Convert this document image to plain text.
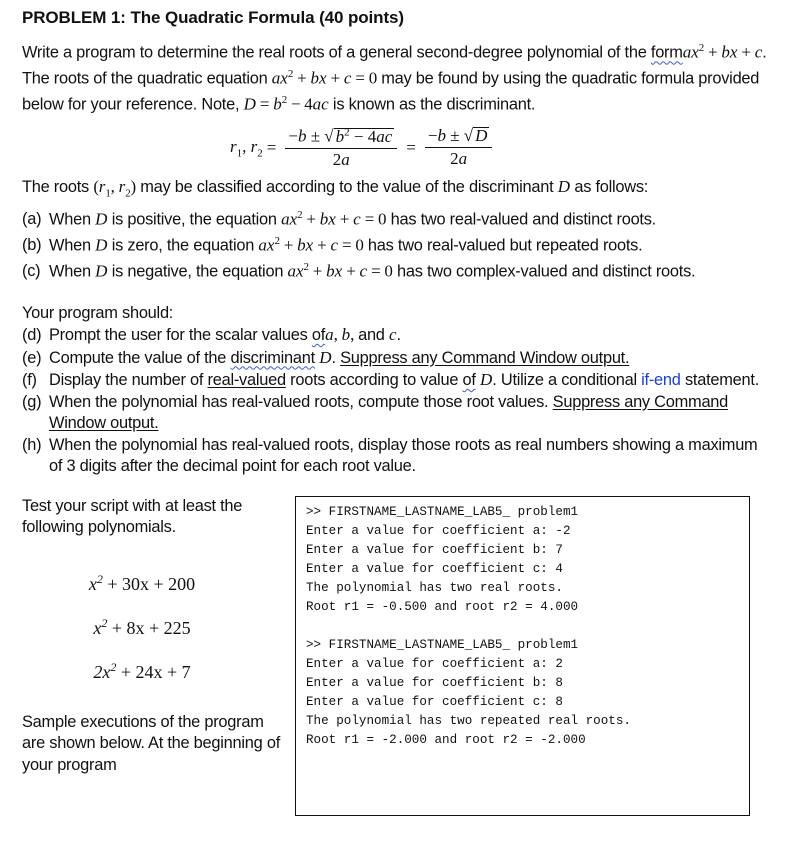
PROBLEM 1: The Quadratic Formula (40 points)

Write a program to determine the real roots of a general second-degree polynomial of the formax$^2$ + bx + c. The roots of the quadratic equation $ax^2$ + bx + c = 0 may be found by using the quadratic formula provided below for your reference. Note, $D = b^2 - 4ac$ is known as the discriminant.

$r_1$, $r_2 = \frac{-b \pm √ b^2 - 4ac}{2a} = \frac{-b \pm √ D}{2a}$

The roots ($r_1$, $r_2$) may be classified according to the value of the discriminant D as follows:

(a) When D is positive, the equation $ax^2$ + bx + c = 0 has two real-valued and distinct roots.
(b) When D is zero, the equation $ax^2$ + bx + c = 0 has two real-valued but repeated roots.
(c) When D is negative, the equation $ax^2$ + bx + c = 0 has two complex-valued and distinct roots.

Your program should:

(d) Prompt the user for the scalar values ofa, b, and c.
(e) Compute the value of the discriminant D. Suppress any Command Window output.
(f) Display the number of real-valued roots according to value of D. Utilize a conditional if-end statement.
(g) When the polynomial has real-valued roots, compute those root values. Suppress any Command Window output.
(h) When the polynomial has real-valued roots, display those roots as real numbers showing a maximum of 3 digits after the decimal point for each root value.

Test your script with at least the following polynomials.

$x^2 + 30x + 200$
$x^2 + 8x + 225$
$2x^2 + 24x + 7$

Sample executions of the program are shown below. At the beginning of your program

>> FIRSTNAME_LASTNAME_LAB5_ problem1
Enter a value for coefficient a: -2
Enter a value for coefficient b: 7
Enter a value for coefficient c: 4
The polynomial has two real roots.
Root r1 = -0.500 and root r2 = 4.000
>> FIRSTNAME_LASTNAME_LAB5_ problem1
Enter a value for coefficient a: 2
Enter a value for coefficient b: 8
Enter a value for coefficient c: 8
The polynomial has two repeated real roots.
Root r1 = -2.000 and root r2 = -2.000
